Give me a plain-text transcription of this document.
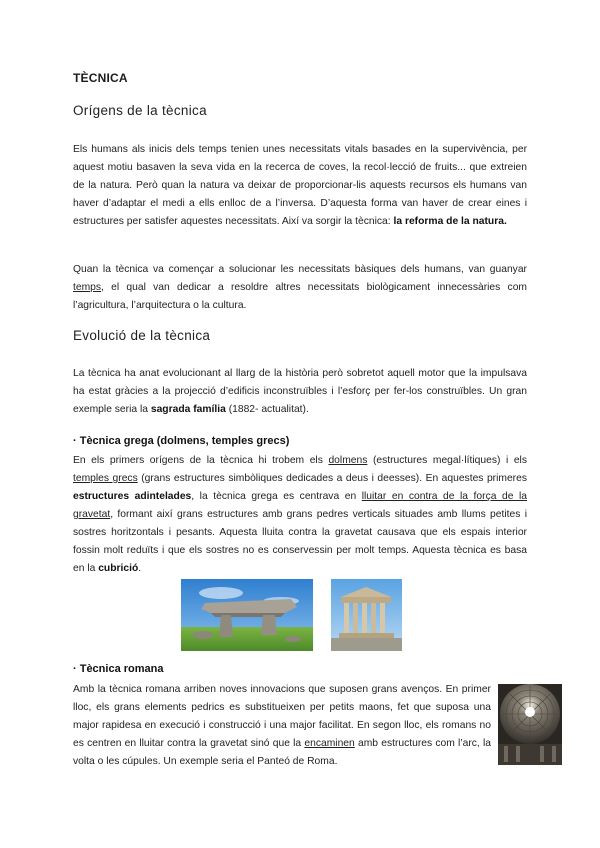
TÈCNICA
Orígens de la tècnica
Els humans als inicis dels temps tenien unes necessitats vitals basades en la supervivència, per aquest motiu basaven la seva vida en la recerca de coves, la recol·lecció de fruits... que extreien de la natura. Però quan la natura va deixar de proporcionar-lis aquests recursos els humans van haver d’adaptar el medi a ells enlloc de a l’inversa. D’aquesta forma van haver de crear eines i estructures per satisfer aquestes necessitats. Així va sorgir la tècnica: la reforma de la natura.
Quan la tècnica va començar a solucionar les necessitats bàsiques dels humans, van guanyar temps, el qual van dedicar a resoldre altres necessitats biològicament innecessàries com l’agricultura, l’arquitectura o la cultura.
Evolució de la tècnica
La tècnica ha anat evolucionant al llarg de la història però sobretot aquell motor que la impulsava ha estat gràcies a la projecció d’edificis inconstruïbles i l’esforç per fer-los construïbles. Un gran exemple seria la sagrada família (1882- actualitat).
· Tècnica grega (dolmens, temples grecs)
En els primers orígens de la tècnica hi trobem els dolmens (estructures megal·lítiques) i els temples grecs (grans estructures simbòliques dedicades a deus i deesses). En aquestes primeres estructures adintelades, la tècnica grega es centrava en lluitar en contra de la força de la gravetat, formant així grans estructures amb grans pedres verticals situades amb llums petites i sostres horitzontals i pesants. Aquesta lluita contra la gravetat causava que els espais interior fossin molt reduïts i que els sostres no es conservessin per molt temps. Aquesta tècnica es basa en la cubrició.
· Tècnica romana
Amb la tècnica romana arriben noves innovacions que suposen grans avenços. En primer lloc, els grans elements pedrics es substitueixen per petits maons, fet que suposa una major rapidesa en execució i construcció i una major facilitat. En segon lloc, els romans no es centren en lluitar contra la gravetat sinó que la encaminen amb estructures com l’arc, la volta o les cúpules. Un exemple seria el Panteó de Roma.
